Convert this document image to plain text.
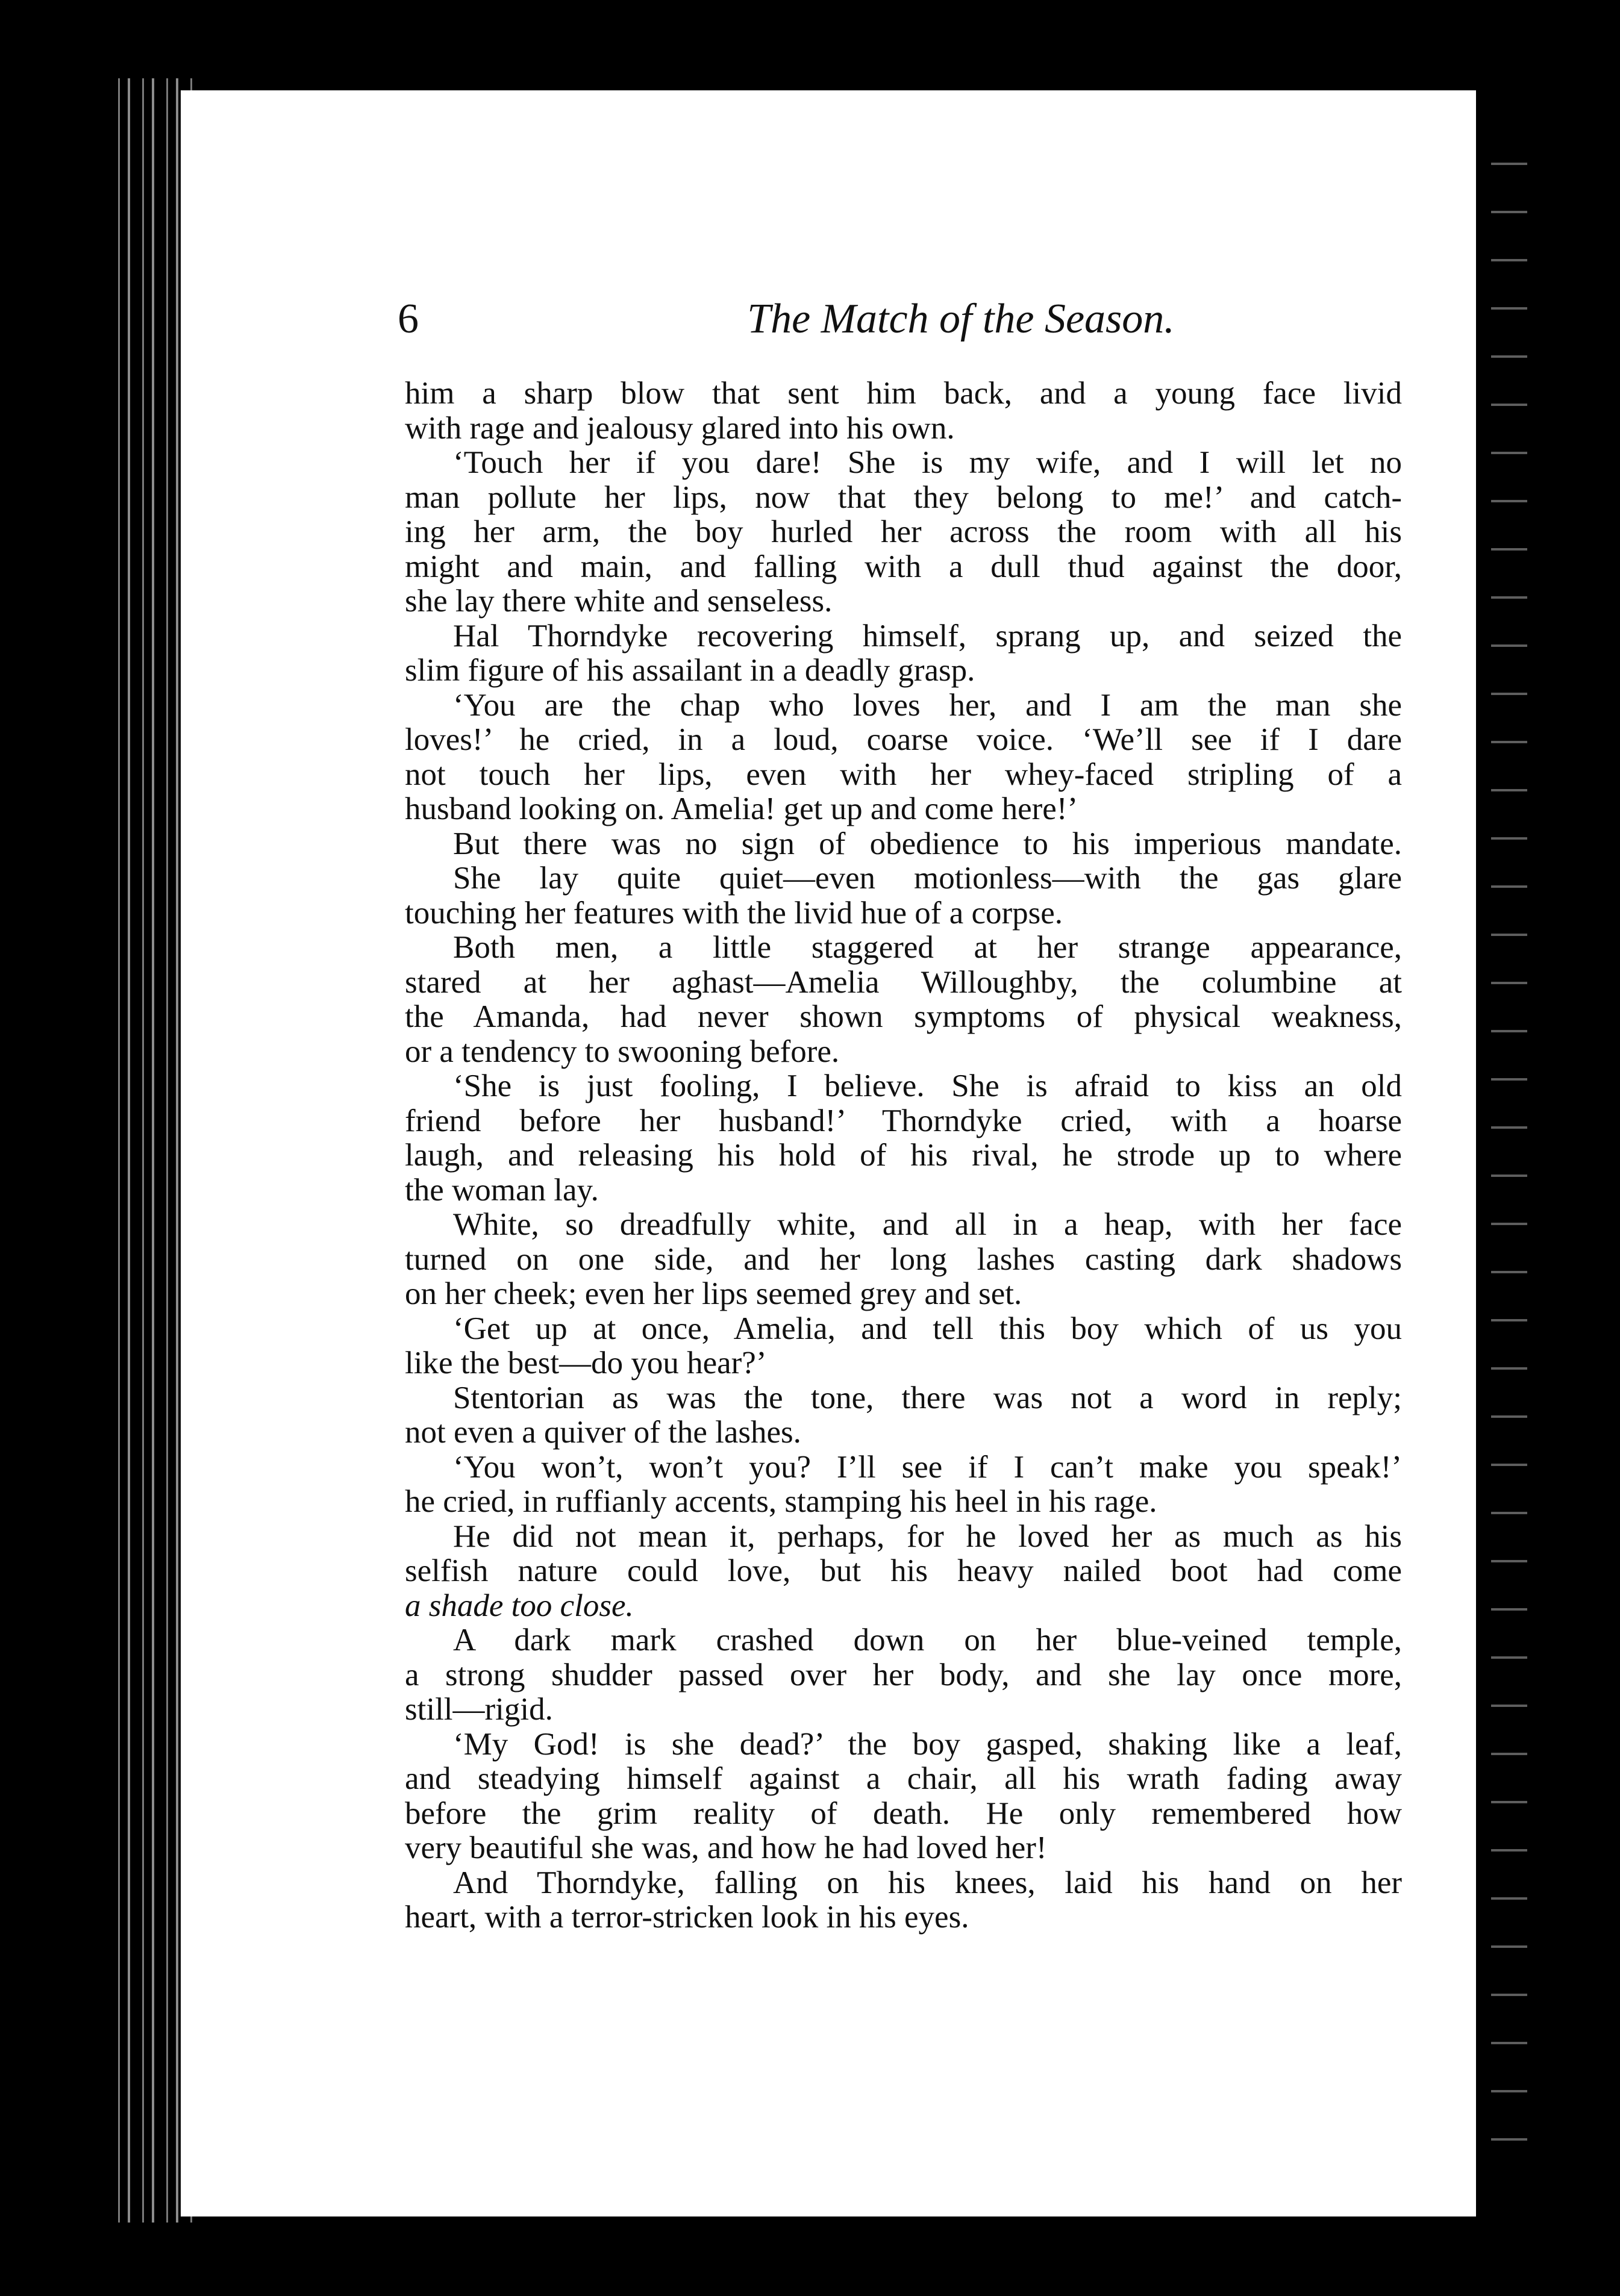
6	The Match of the Season.
him a sharp blow that sent him back, and a young face livid
with rage and jealousy glared into his own.
‘Touch her if you dare! She is my wife, and I will let no
man pollute her lips, now that they belong to me!’ and catch-
ing her arm, the boy hurled her across the room with all his
might and main, and falling with a dull thud against the door,
she lay there white and senseless.
Hal Thorndyke recovering himself, sprang up, and seized the
slim figure of his assailant in a deadly grasp.
‘You are the chap who loves her, and I am the man she
loves!’ he cried, in a loud, coarse voice. ‘We’ll see if I dare
not touch her lips, even with her whey-faced stripling of a
husband looking on. Amelia! get up and come here!’
But there was no sign of obedience to his imperious mandate.
She lay quite quiet—even motionless—with the gas glare
touching her features with the livid hue of a corpse.
Both men, a little staggered at her strange appearance,
stared at her aghast—Amelia Willoughby, the columbine at
the Amanda, had never shown symptoms of physical weakness,
or a tendency to swooning before.
‘She is just fooling, I believe. She is afraid to kiss an old
friend before her husband!’ Thorndyke cried, with a hoarse
laugh, and releasing his hold of his rival, he strode up to where
the woman lay.
White, so dreadfully white, and all in a heap, with her face
turned on one side, and her long lashes casting dark shadows
on her cheek; even her lips seemed grey and set.
‘Get up at once, Amelia, and tell this boy which of us you
like the best—do you hear?’
Stentorian as was the tone, there was not a word in reply;
not even a quiver of the lashes.
‘You won’t, won’t you? I’ll see if I can’t make you speak!’
he cried, in ruffianly accents, stamping his heel in his rage.
He did not mean it, perhaps, for he loved her as much as his
selfish nature could love, but his heavy nailed boot had come
a shade too close.
A dark mark crashed down on her blue-veined temple,
a strong shudder passed over her body, and she lay once more,
still—rigid.
‘My God! is she dead?’ the boy gasped, shaking like a leaf,
and steadying himself against a chair, all his wrath fading away
before the grim reality of death. He only remembered how
very beautiful she was, and how he had loved her!
And Thorndyke, falling on his knees, laid his hand on her
heart, with a terror-stricken look in his eyes.
